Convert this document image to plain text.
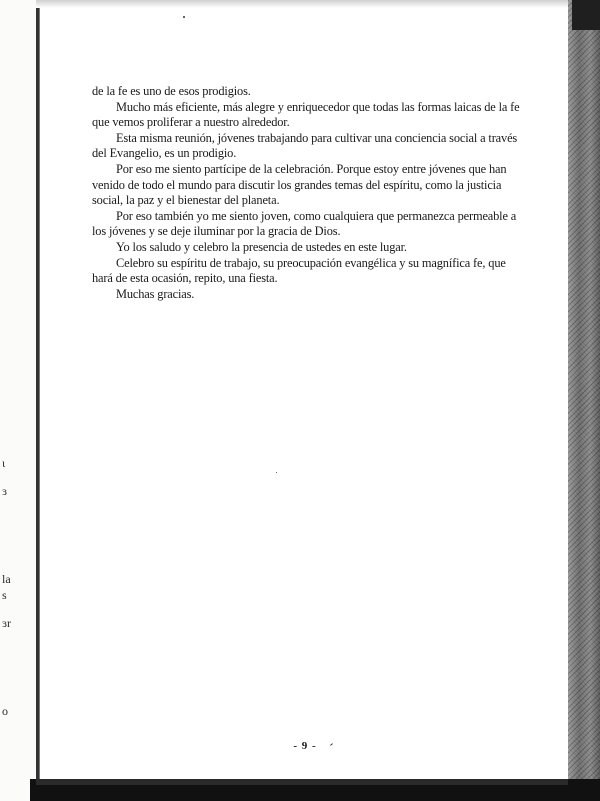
ι
ɜ
la
s
ɜr
o

de la fe es uno de esos prodigios.

Mucho más eficiente, más alegre y enriquecedor que todas las formas laicas de la fe que vemos proliferar a nuestro alrededor.

Esta misma reunión, jóvenes trabajando para cultivar una conciencia social a través del Evangelio, es un prodigio.

Por eso me siento partícipe de la celebración. Porque estoy entre jóvenes que han venido de todo el mundo para discutir los grandes temas del espíritu, como la justicia social, la paz y el bienestar del planeta.

Por eso también yo me siento joven, como cualquiera que permanezca permeable a los jóvenes y se deje iluminar por la gracia de Dios.

Yo los saludo y celebro la presencia de ustedes en este lugar.

Celebro su espíritu de trabajo, su preocupación evangélica y su magnífica fe, que hará de esta ocasión, repito, una fiesta.

Muchas gracias.

- 9 -
